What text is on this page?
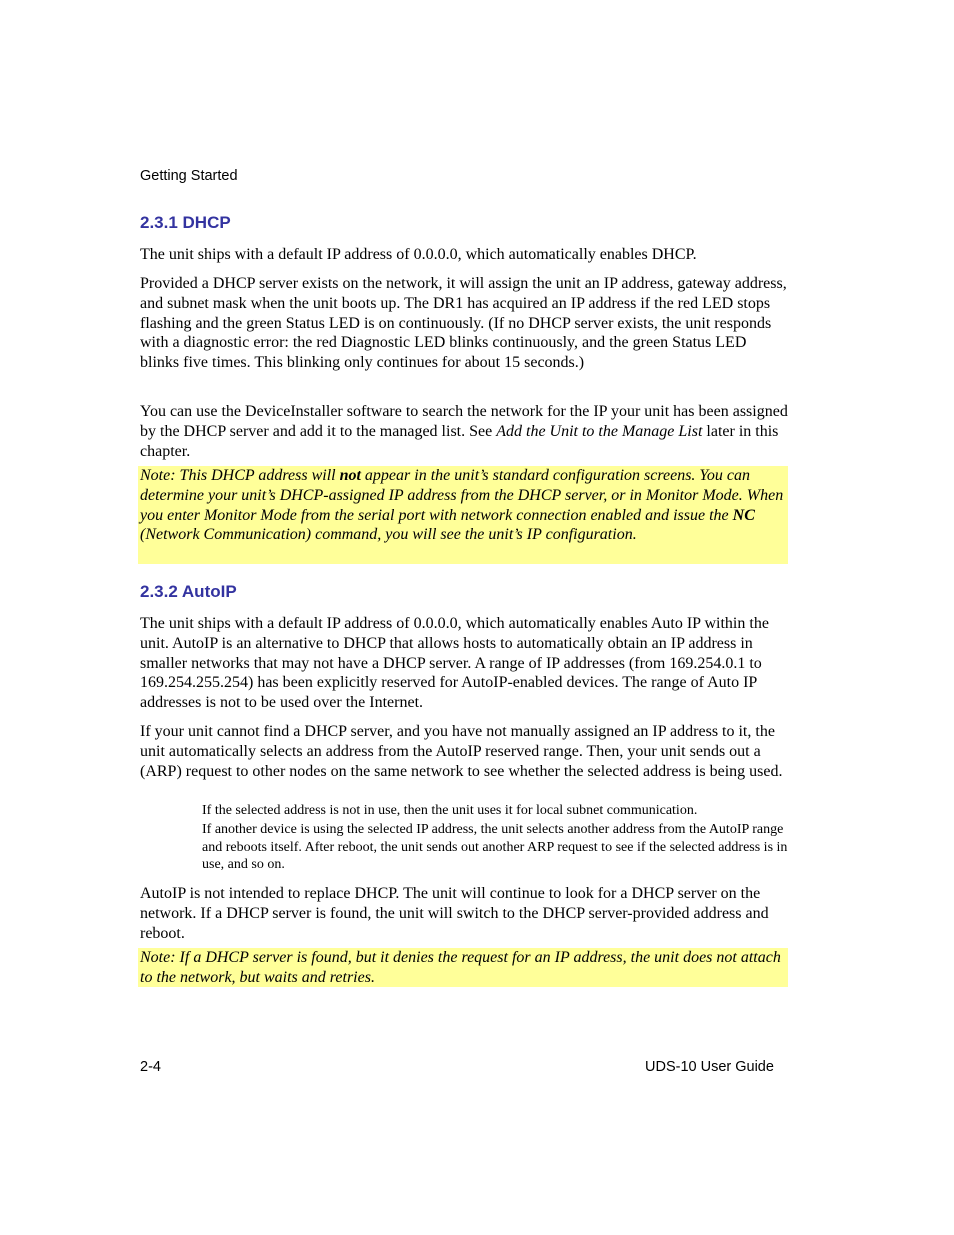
Getting Started
2.3.1 DHCP
The unit ships with a default IP address of 0.0.0.0, which automatically enables DHCP.
Provided a DHCP server exists on the network, it will assign the unit an IP address, gateway address, and subnet mask when the unit boots up. The DR1 has acquired an IP address if the red LED stops flashing and the green Status LED is on continuously. (If no DHCP server exists, the unit responds with a diagnostic error: the red Diagnostic LED blinks continuously, and the green Status LED blinks five times. This blinking only continues for about 15 seconds.)
You can use the DeviceInstaller software to search the network for the IP your unit has been assigned by the DHCP server and add it to the managed list. See Add the Unit to the Manage List later in this chapter.
Note: This DHCP address will not appear in the unit’s standard configuration screens. You can determine your unit’s DHCP-assigned IP address from the DHCP server, or in Monitor Mode. When you enter Monitor Mode from the serial port with network connection enabled and issue the NC (Network Communication) command, you will see the unit’s IP configuration.
2.3.2 AutoIP
The unit ships with a default IP address of 0.0.0.0, which automatically enables Auto IP within the unit. AutoIP is an alternative to DHCP that allows hosts to automatically obtain an IP address in smaller networks that may not have a DHCP server. A range of IP addresses (from 169.254.0.1 to 169.254.255.254) has been explicitly reserved for AutoIP-enabled devices. The range of Auto IP addresses is not to be used over the Internet.
If your unit cannot find a DHCP server, and you have not manually assigned an IP address to it, the unit automatically selects an address from the AutoIP reserved range. Then, your unit sends out a (ARP) request to other nodes on the same network to see whether the selected address is being used.
If the selected address is not in use, then the unit uses it for local subnet communication.
If another device is using the selected IP address, the unit selects another address from the AutoIP range and reboots itself. After reboot, the unit sends out another ARP request to see if the selected address is in use, and so on.
AutoIP is not intended to replace DHCP. The unit will continue to look for a DHCP server on the network. If a DHCP server is found, the unit will switch to the DHCP server-provided address and reboot.
Note: If a DHCP server is found, but it denies the request for an IP address, the unit does not attach to the network, but waits and retries.
2-4	UDS-10 User Guide
